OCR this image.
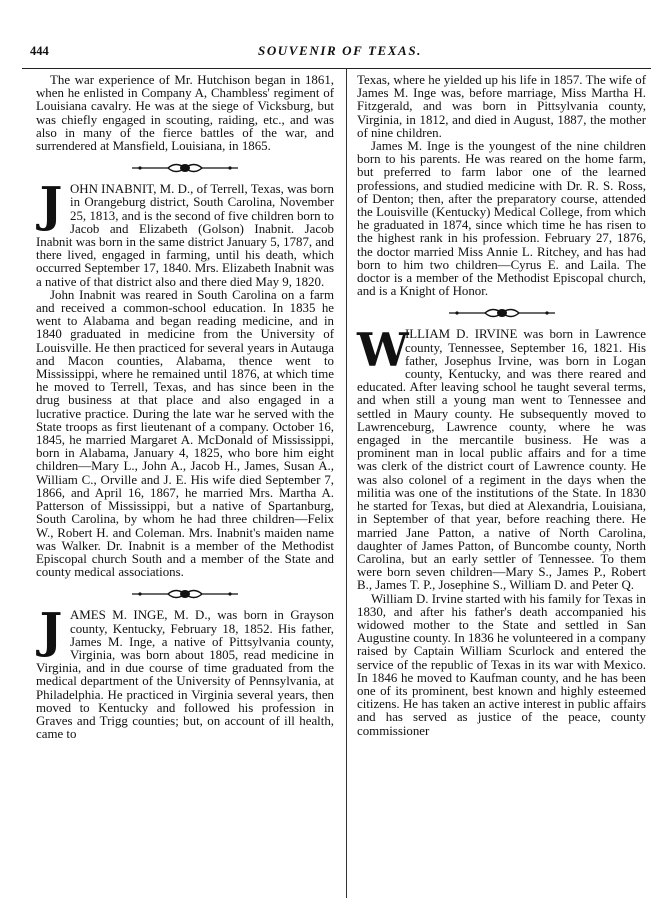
444	SOUVENIR OF TEXAS.

The war experience of Mr. Hutchison began in 1861, when he enlisted in Company A, Chambless' regiment of Louisiana cavalry. He was at the siege of Vicksburg, but was chiefly engaged in scouting, raiding, etc., and was also in many of the fierce battles of the war, and surrendered at Mansfield, Louisiana, in 1865.

J OHN INABNIT, M. D., of Terrell, Texas, was born in Orangeburg district, South Carolina, November 25, 1813, and is the second of five children born to Jacob and Elizabeth (Golson) Inabnit. Jacob Inabnit was born in the same district January 5, 1787, and there lived, engaged in farming, until his death, which occurred September 17, 1840. Mrs. Elizabeth Inabnit was a native of that district also and there died May 9, 1820.

John Inabnit was reared in South Carolina on a farm and received a common-school education. In 1835 he went to Alabama and began reading medicine, and in 1840 graduated in medicine from the University of Louisville. He then practiced for several years in Autauga and Macon counties, Alabama, thence went to Mississippi, where he remained until 1876, at which time he moved to Terrell, Texas, and has since been in the drug business at that place and also engaged in a lucrative practice. During the late war he served with the State troops as first lieutenant of a company. October 16, 1845, he married Margaret A. McDonald of Mississippi, born in Alabama, January 4, 1825, who bore him eight children—Mary L., John A., Jacob H., James, Susan A., William C., Orville and J. E. His wife died September 7, 1866, and April 16, 1867, he married Mrs. Martha A. Patterson of Mississippi, but a native of Spartanburg, South Carolina, by whom he had three children—Felix W., Robert H. and Coleman. Mrs. Inabnit's maiden name was Walker. Dr. Inabnit is a member of the Methodist Episcopal church South and a member of the State and county medical associations.

J AMES M. INGE, M. D., was born in Grayson county, Kentucky, February 18, 1852. His father, James M. Inge, a native of Pittsylvania county, Virginia, was born about 1805, read medicine in Virginia, and in due course of time graduated from the medical department of the University of Pennsylvania, at Philadelphia. He practiced in Virginia several years, then moved to Kentucky and followed his profession in Graves and Trigg counties; but, on account of ill health, came to

Texas, where he yielded up his life in 1857. The wife of James M. Inge was, before marriage, Miss Martha H. Fitzgerald, and was born in Pittsylvania county, Virginia, in 1812, and died in August, 1887, the mother of nine children.

James M. Inge is the youngest of the nine children born to his parents. He was reared on the home farm, but preferred to farm labor one of the learned professions, and studied medicine with Dr. R. S. Ross, of Denton; then, after the preparatory course, attended the Louisville (Kentucky) Medical College, from which he graduated in 1874, since which time he has risen to the highest rank in his profession. February 27, 1876, the doctor married Miss Annie L. Ritchey, and has had born to him two children—Cyrus E. and Laila. The doctor is a member of the Methodist Episcopal church, and is a Knight of Honor.

W

ILLIAM D. IRVINE was born in Lawrence county, Tennessee, September 16, 1821. His father, Josephus Irvine, was born in Logan county, Kentucky, and was there reared and educated. After leaving school he taught several terms, and when still a young man went to Tennessee and settled in Maury county. He subsequently moved to Lawrenceburg, Lawrence county, where he was engaged in the mercantile business. He was a prominent man in local public affairs and for a time was clerk of the district court of Lawrence county. He was also colonel of a regiment in the days when the militia was one of the institutions of the State. In 1830 he started for Texas, but died at Alexandria, Louisiana, in September of that year, before reaching there. He married Jane Patton, a native of North Carolina, daughter of James Patton, of Buncombe county, North Carolina, but an early settler of Tennessee. To them were born seven children—Mary S., James P., Robert B., James T. P., Josephine S., William D. and Peter Q.

William D. Irvine started with his family for Texas in 1830, and after his father's death accompanied his widowed mother to the State and settled in San Augustine county. In 1836 he volunteered in a company raised by Captain William Scurlock and entered the service of the republic of Texas in its war with Mexico. In 1846 he moved to Kaufman county, and he has been one of its prominent, best known and highly esteemed citizens. He has taken an active interest in public affairs and has served as justice of the peace, county commissioner
